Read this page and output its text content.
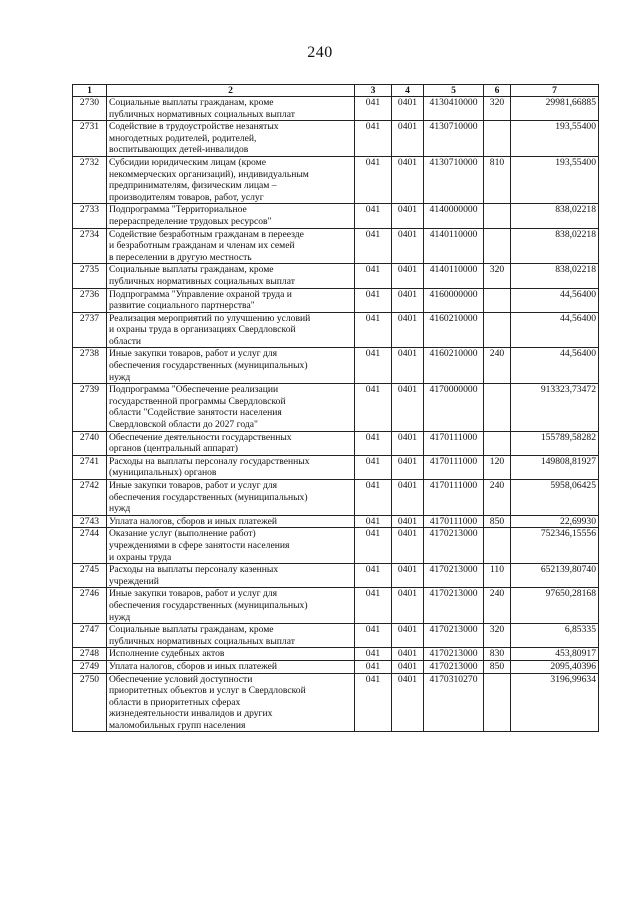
240
1	2	3	4	5	6	7
2730	Социальные выплаты гражданам, кроме
публичных нормативных социальных выплат	041	0401	4130410000	320	29981,66885
2731	Содействие в трудоустройстве незанятых
многодетных родителей, родителей,
воспитывающих детей-инвалидов	041	0401	4130710000		193,55400
2732	Субсидии юридическим лицам (кроме
некоммерческих организаций), индивидуальным
предпринимателям, физическим лицам –
производителям товаров, работ, услуг	041	0401	4130710000	810	193,55400
2733	Подпрограмма "Территориальное
перераспределение трудовых ресурсов"	041	0401	4140000000		838,02218
2734	Содействие безработным гражданам в переезде
и безработным гражданам и членам их семей
в переселении в другую местность	041	0401	4140110000		838,02218
2735	Социальные выплаты гражданам, кроме
публичных нормативных социальных выплат	041	0401	4140110000	320	838,02218
2736	Подпрограмма "Управление охраной труда и
развитие социального партнерства"	041	0401	4160000000		44,56400
2737	Реализация мероприятий по улучшению условий
и охраны труда в организациях Свердловской
области	041	0401	4160210000		44,56400
2738	Иные закупки товаров, работ и услуг для
обеспечения государственных (муниципальных)
нужд	041	0401	4160210000	240	44,56400
2739	Подпрограмма "Обеспечение реализации
государственной программы Свердловской
области "Содействие занятости населения
Свердловской области до 2027 года"	041	0401	4170000000		913323,73472
2740	Обеспечение деятельности государственных
органов (центральный аппарат)	041	0401	4170111000		155789,58282
2741	Расходы на выплаты персоналу государственных
(муниципальных) органов	041	0401	4170111000	120	149808,81927
2742	Иные закупки товаров, работ и услуг для
обеспечения государственных (муниципальных)
нужд	041	0401	4170111000	240	5958,06425
2743	Уплата налогов, сборов и иных платежей	041	0401	4170111000	850	22,69930
2744	Оказание услуг (выполнение работ)
учреждениями в сфере занятости населения
и охраны труда	041	0401	4170213000		752346,15556
2745	Расходы на выплаты персоналу казенных
учреждений	041	0401	4170213000	110	652139,80740
2746	Иные закупки товаров, работ и услуг для
обеспечения государственных (муниципальных)
нужд	041	0401	4170213000	240	97650,28168
2747	Социальные выплаты гражданам, кроме
публичных нормативных социальных выплат	041	0401	4170213000	320	6,85335
2748	Исполнение судебных актов	041	0401	4170213000	830	453,80917
2749	Уплата налогов, сборов и иных платежей	041	0401	4170213000	850	2095,40396
2750	Обеспечение условий доступности
приоритетных объектов и услуг в Свердловской
области в приоритетных сферах
жизнедеятельности инвалидов и других
маломобильных групп населения	041	0401	4170310270		3196,99634
